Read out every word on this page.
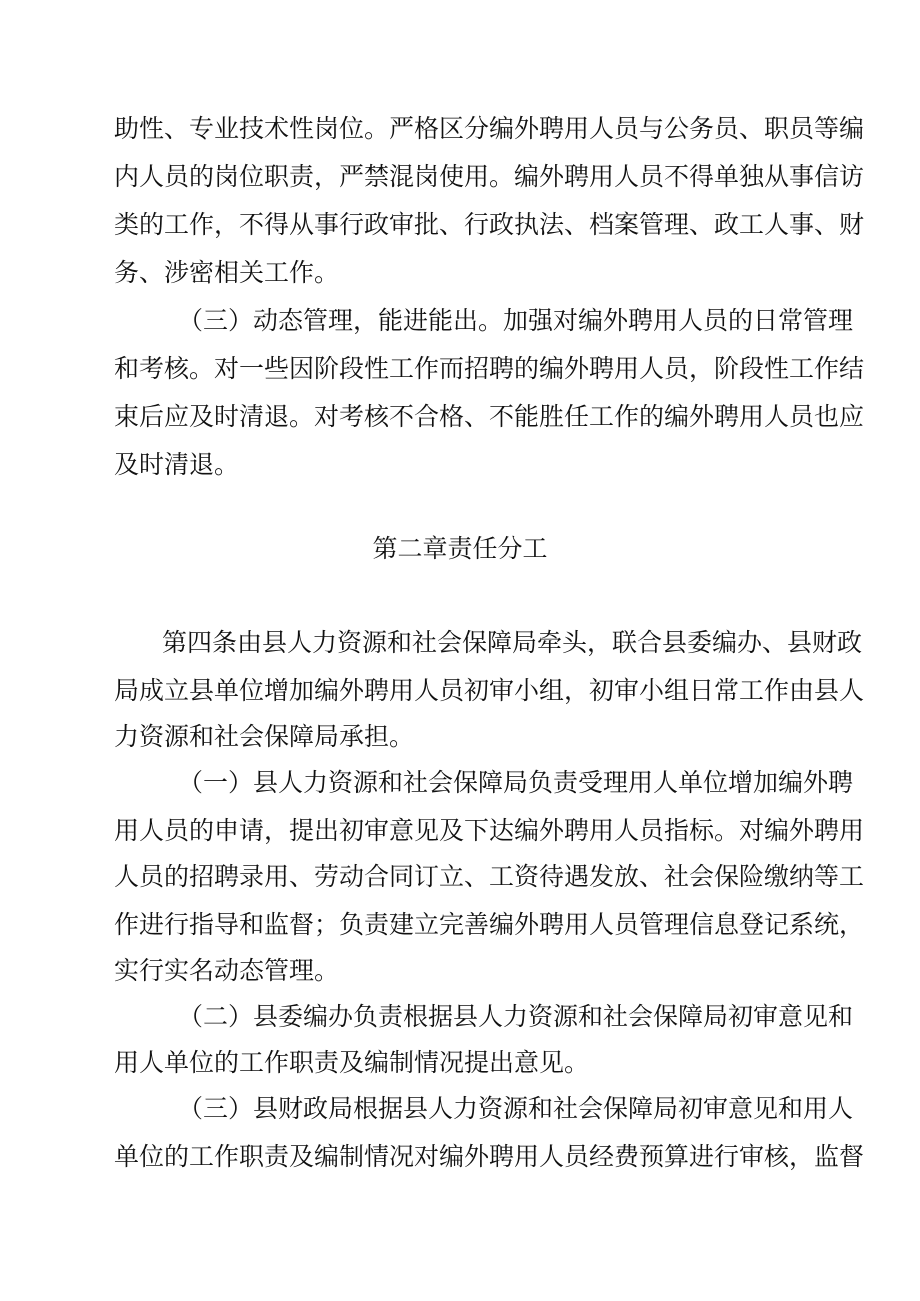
助性、专业技术性岗位。严格区分编外聘用人员与公务员、职员等编
内人员的岗位职责，严禁混岗使用。编外聘用人员不得单独从事信访
类的工作，不得从事行政审批、行政执法、档案管理、政工人事、财
务、涉密相关工作。
（三）动态管理，能进能出。加强对编外聘用人员的日常管理
和考核。对一些因阶段性工作而招聘的编外聘用人员，阶段性工作结
束后应及时清退。对考核不合格、不能胜任工作的编外聘用人员也应
及时清退。
第二章责任分工
第四条由县人力资源和社会保障局牵头，联合县委编办、县财政
局成立县单位增加编外聘用人员初审小组，初审小组日常工作由县人
力资源和社会保障局承担。
（一）县人力资源和社会保障局负责受理用人单位增加编外聘
用人员的申请，提出初审意见及下达编外聘用人员指标。对编外聘用
人员的招聘录用、劳动合同订立、工资待遇发放、社会保险缴纳等工
作进行指导和监督；负责建立完善编外聘用人员管理信息登记系统，
实行实名动态管理。
（二）县委编办负责根据县人力资源和社会保障局初审意见和
用人单位的工作职责及编制情况提出意见。
（三）县财政局根据县人力资源和社会保障局初审意见和用人
单位的工作职责及编制情况对编外聘用人员经费预算进行审核，监督
